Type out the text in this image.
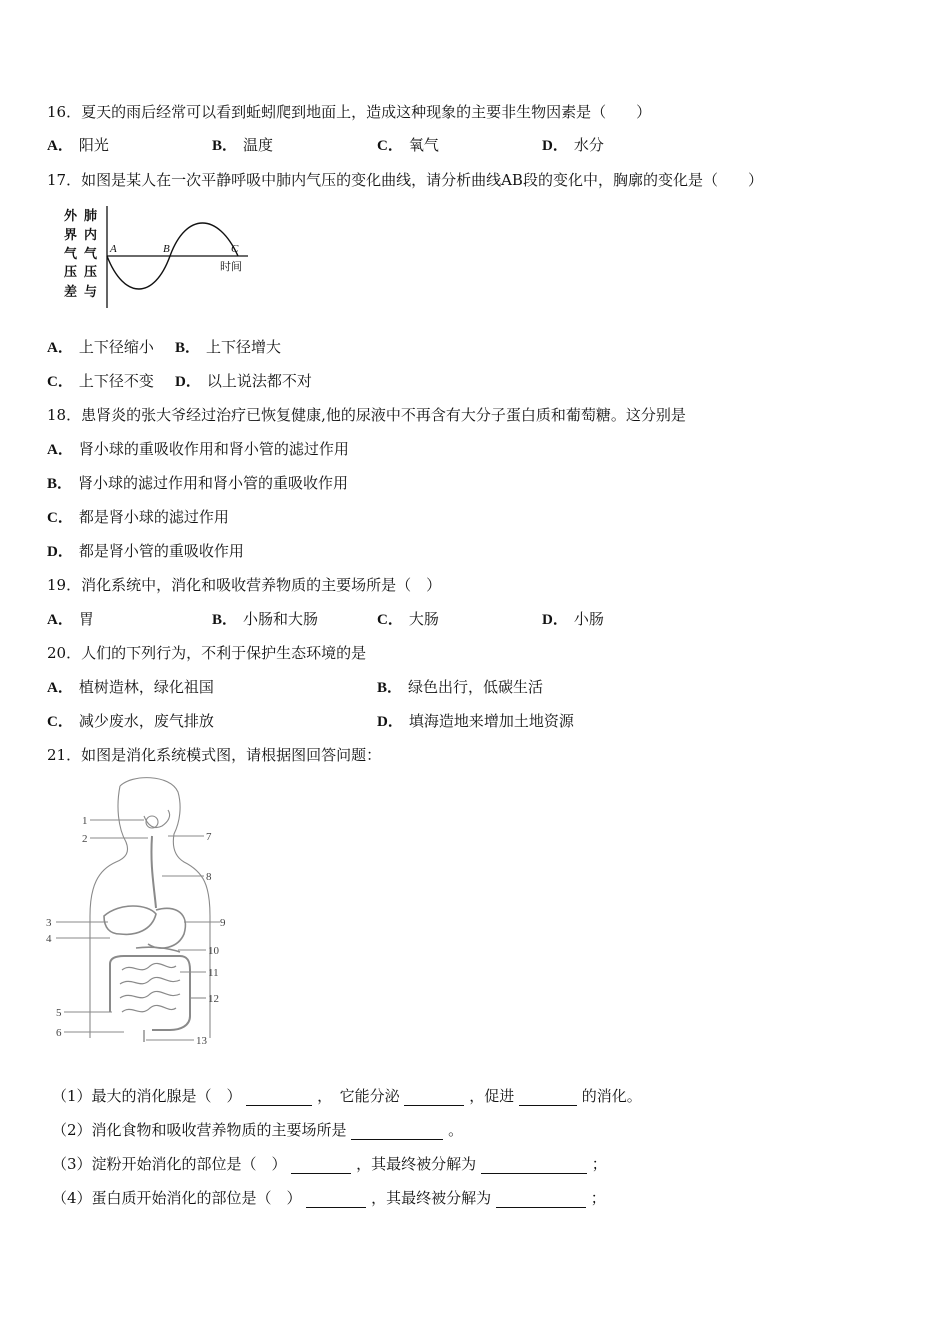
16．夏天的雨后经常可以看到蚯蚓爬到地面上，造成这种现象的主要非生物因素是（　　）
A． 阳光	B． 温度	C． 氧气	D． 水分
17．如图是某人在一次平静呼吸中肺内气压的变化曲线，请分析曲线AB段的变化中，胸廓的变化是（　　）
外
界
气
压
差
肺
内
气
压
与
A	B	C
时间
A． 上下径缩小 B． 上下径增大
C． 上下径不变 D． 以上说法都不对
18．患肾炎的张大爷经过治疗已恢复健康,他的尿液中不再含有大分子蛋白质和葡萄糖。这分别是
A． 肾小球的重吸收作用和肾小管的滤过作用
B． 肾小球的滤过作用和肾小管的重吸收作用
C． 都是肾小球的滤过作用
D． 都是肾小管的重吸收作用
19．消化系统中，消化和吸收营养物质的主要场所是（　）
A． 胃	B． 小肠和大肠	C． 大肠	D． 小肠
20．人们的下列行为，不利于保护生态环境的是
A． 植树造林，绿化祖国	B． 绿色出行，低碳生活
C． 减少废水，废气排放	D． 填海造地来增加土地资源
21．如图是消化系统模式图，请根据图回答问题：
1
2
3
4
5
6
7
8
9
10
11
12
13
（1）最大的消化腺是（　）	，　它能分泌	，促进	的消化。
（2）消化食物和吸收营养物质的主要场所是	。
（3）淀粉开始消化的部位是（　）	，其最终被分解为	；
（4）蛋白质开始消化的部位是（　）	，其最终被分解为	；
